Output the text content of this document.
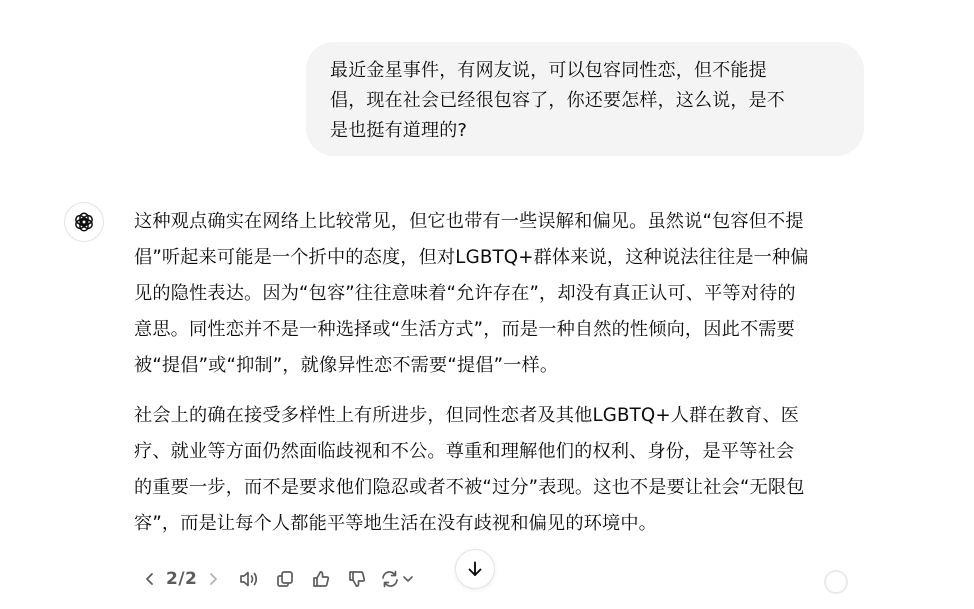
最近金星事件，有网友说，可以包容同性恋，但不能提
倡，现在社会已经很包容了，你还要怎样，这么说，是不
是也挺有道理的?

这种观点确实在网络上比较常见，但它也带有一些误解和偏见。虽然说“包容但不提
倡”听起来可能是一个折中的态度，但对LGBTQ+群体来说，这种说法往往是一种偏
见的隐性表达。因为“包容”往往意味着“允许存在”，却没有真正认可、平等对待的
意思。同性恋并不是一种选择或“生活方式”，而是一种自然的性倾向，因此不需要
被“提倡”或“抑制”，就像异性恋不需要“提倡”一样。

社会上的确在接受多样性上有所进步，但同性恋者及其他LGBTQ+人群在教育、医
疗、就业等方面仍然面临歧视和不公。尊重和理解他们的权利、身份，是平等社会
的重要一步，而不是要求他们隐忍或者不被“过分”表现。这也不是要让社会“无限包
容”，而是让每个人都能平等地生活在没有歧视和偏见的环境中。

2/2
